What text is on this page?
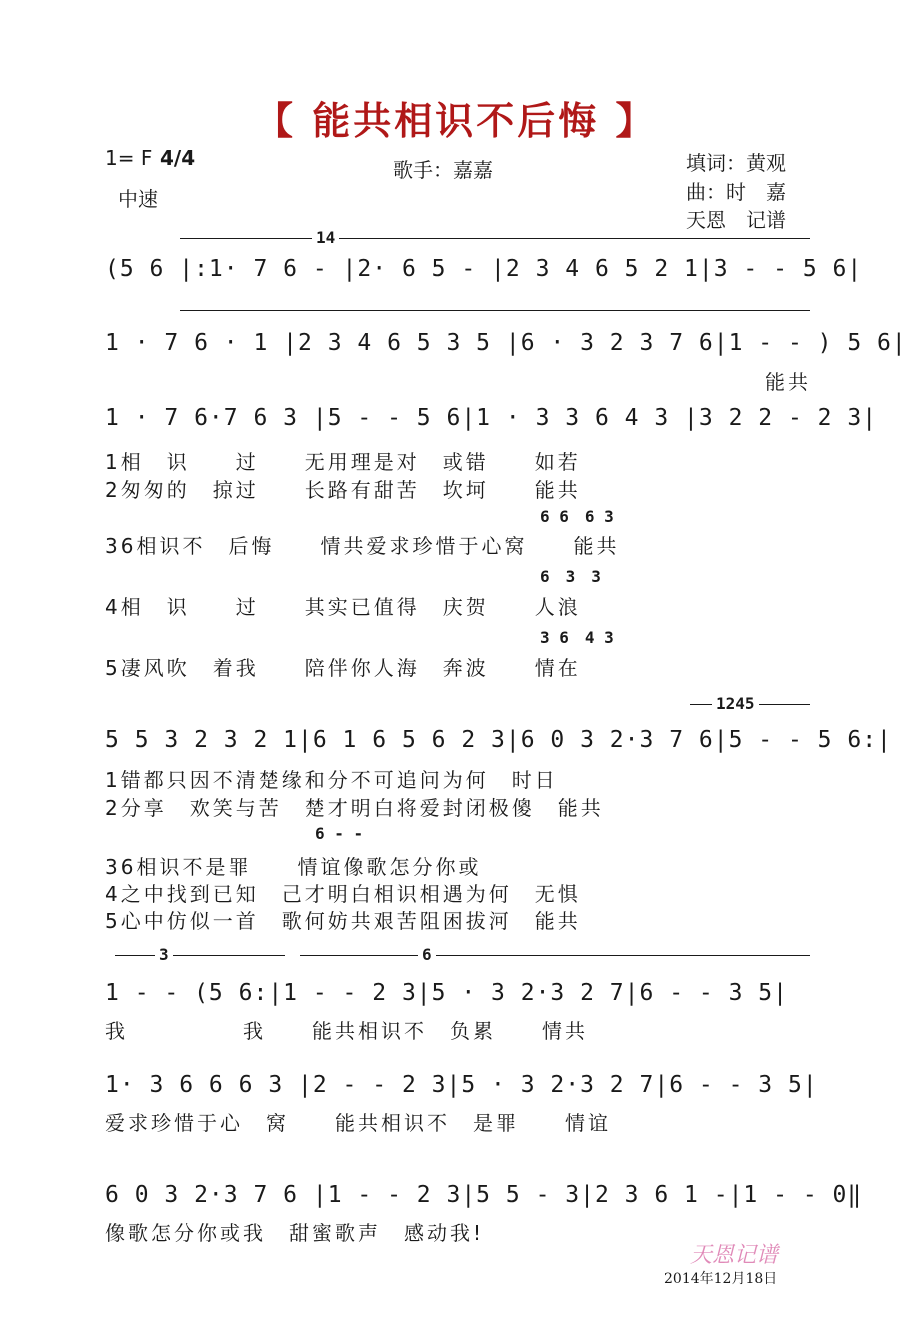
【 能共相识不后悔 】
1= F 4/4
中速
歌手：嘉嘉	填词：黄观
曲：时　嘉
天恩　记谱
14
(5 6 |:1· 7 6 - |2· 6 5 - |2 3 4 6 5 2 1|3 - - 5 6|
1 · 7 6 · 1 |2 3 4 6 5 3 5 |6 · 3 2 3 7 6|1 - - ) 5 6|
能共
1 · 7 6·7 6 3 |5 - - 5 6|1 · 3 3 6 4 3 |3 2 2 - 2 3|
1相　识　　过　　无用理是对　或错　　如若
2匆匆的　掠过　　长路有甜苦　坎坷　　能共
6 6　6 3
36相识不　后悔　　情共爱求珍惜于心窝　　能共
6　3　3
4相　识　　过　　其实已值得　庆贺　　人浪
3 6　4 3
5凄风吹　着我　　陪伴你人海　奔波　　情在
1245
5 5 3 2 3 2 1|6 1 6 5 6 2 3|6 0 3 2·3 7 6|5 - - 5 6:|
1错都只因不清楚缘和分不可追问为何　时日
2分享　欢笑与苦　楚才明白将爱封闭极傻　能共
6 - -
36相识不是罪　　情谊像歌怎分你或
4之中找到已知　己才明白相识相遇为何　无惧
5心中仿似一首　歌何妨共艰苦阻困拔河　能共
3	6
1 - - (5 6:|1 - - 2 3|5 · 3 2·3 2 7|6 - - 3 5|
我　　　　　我　　能共相识不　负累　　情共
1· 3 6 6 6 3 |2 - - 2 3|5 · 3 2·3 2 7|6 - - 3 5|
爱求珍惜于心　窝　　能共相识不　是罪　　情谊
6 0 3 2·3 7 6 |1 - - 2 3|5 5 - 3|2 3 6 1 -|1 - - 0‖
像歌怎分你或我　甜蜜歌声　感动我!
天恩记谱
2014年12月18日
